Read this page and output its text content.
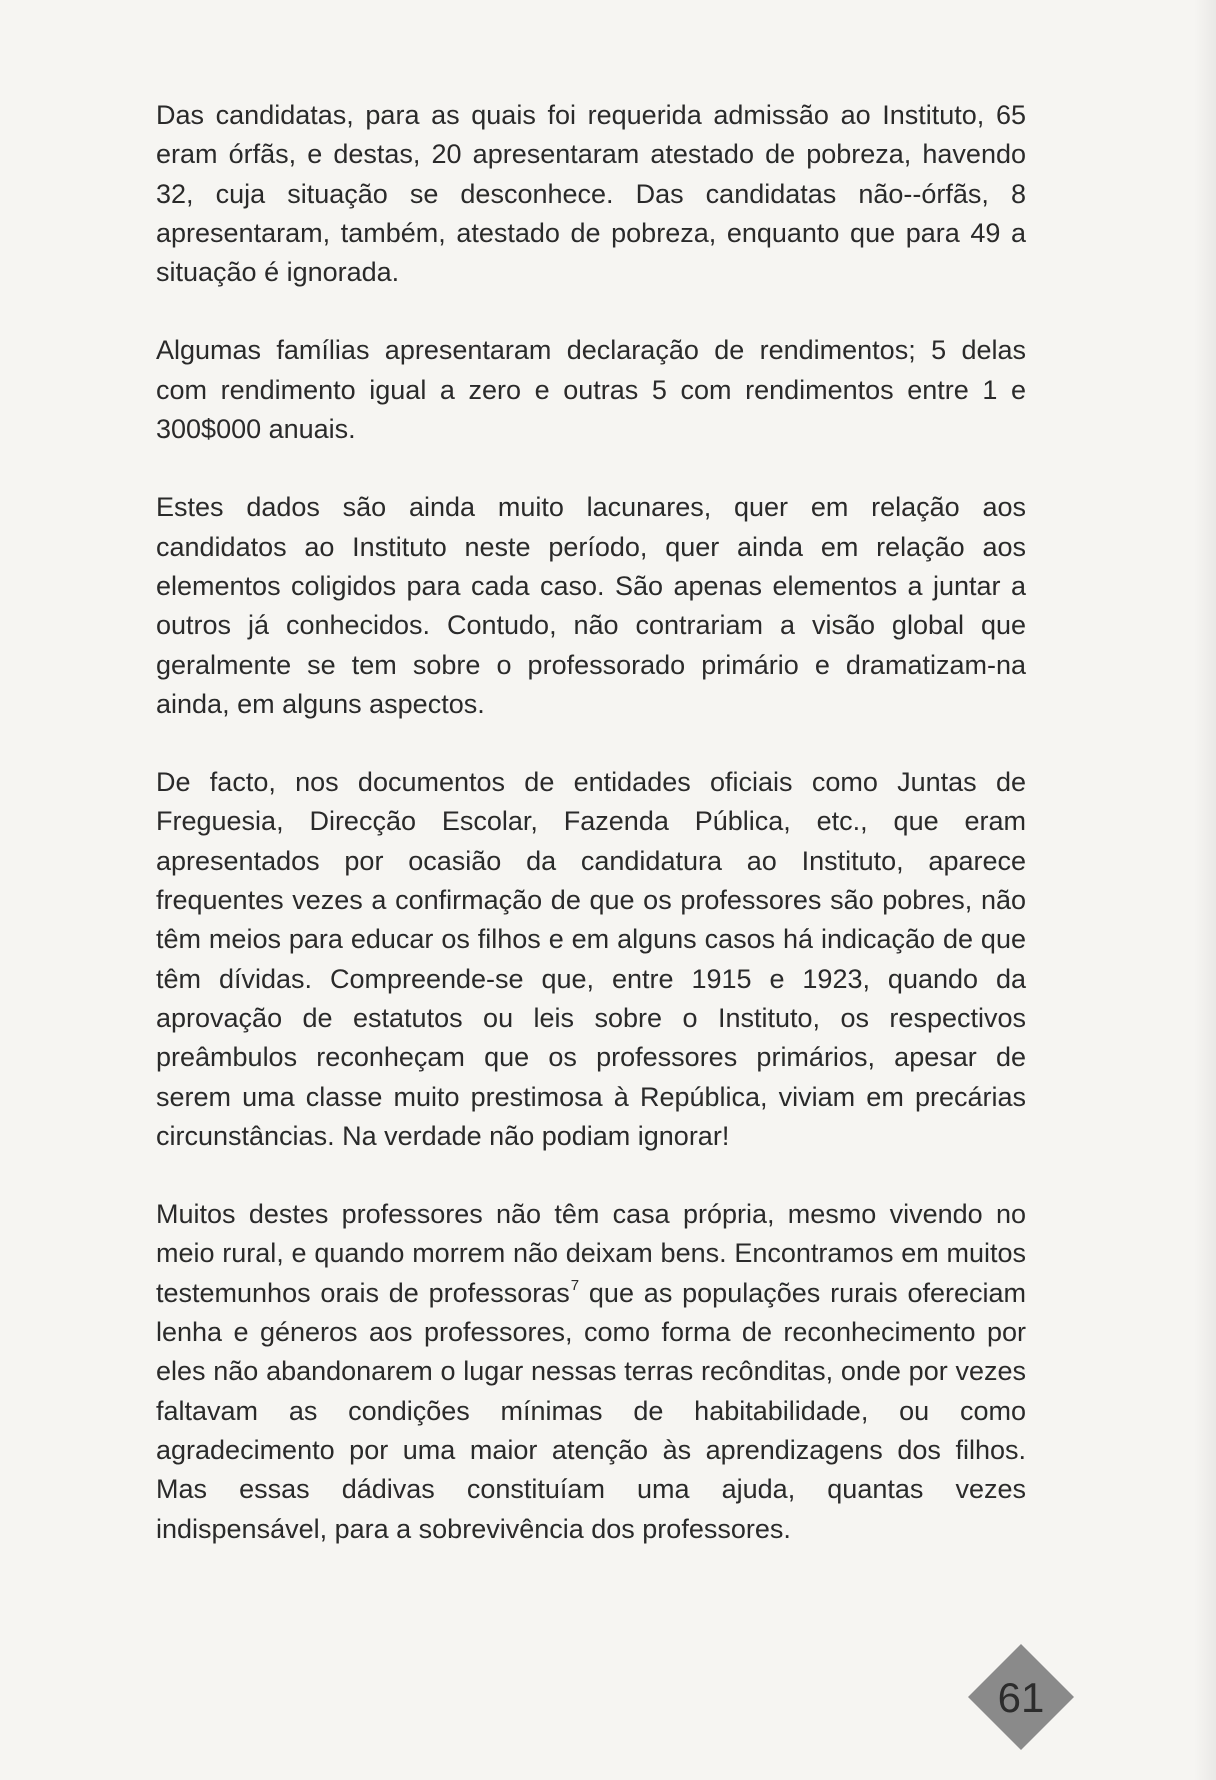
Das candidatas, para as quais foi requerida admissão ao Instituto, 65 eram órfãs, e destas, 20 apresentaram atestado de pobreza, havendo 32, cuja situação se desconhece. Das candidatas não--órfãs, 8 apresentaram, também, atestado de pobreza, enquanto que para 49 a situação é ignorada.

Algumas famílias apresentaram declaração de rendimentos; 5 delas com rendimento igual a zero e outras 5 com rendimentos entre 1 e 300$000 anuais.

Estes dados são ainda muito lacunares, quer em relação aos candidatos ao Instituto neste período, quer ainda em relação aos elementos coligidos para cada caso. São apenas elementos a juntar a outros já conhecidos. Contudo, não contrariam a visão global que geralmente se tem sobre o professorado primário e dramatizam-na ainda, em alguns aspectos.

De facto, nos documentos de entidades oficiais como Juntas de Freguesia, Direcção Escolar, Fazenda Pública, etc., que eram apresentados por ocasião da candidatura ao Instituto, aparece frequentes vezes a confirmação de que os professores são pobres, não têm meios para educar os filhos e em alguns casos há indicação de que têm dívidas. Compreende-se que, entre 1915 e 1923, quando da aprovação de estatutos ou leis sobre o Instituto, os respectivos preâmbulos reconheçam que os professores primários, apesar de serem uma classe muito prestimosa à República, viviam em precárias circunstâncias. Na verdade não podiam ignorar!

Muitos destes professores não têm casa própria, mesmo vivendo no meio rural, e quando morrem não deixam bens. Encontramos em muitos testemunhos orais de professoras$^7$ que as populações rurais ofereciam lenha e géneros aos professores, como forma de reconhecimento por eles não abandonarem o lugar nessas terras recônditas, onde por vezes faltavam as condições mínimas de habitabilidade, ou como agradecimento por uma maior atenção às aprendizagens dos filhos. Mas essas dádivas constituíam uma ajuda, quantas vezes indispensável, para a sobrevivência dos professores.

61
